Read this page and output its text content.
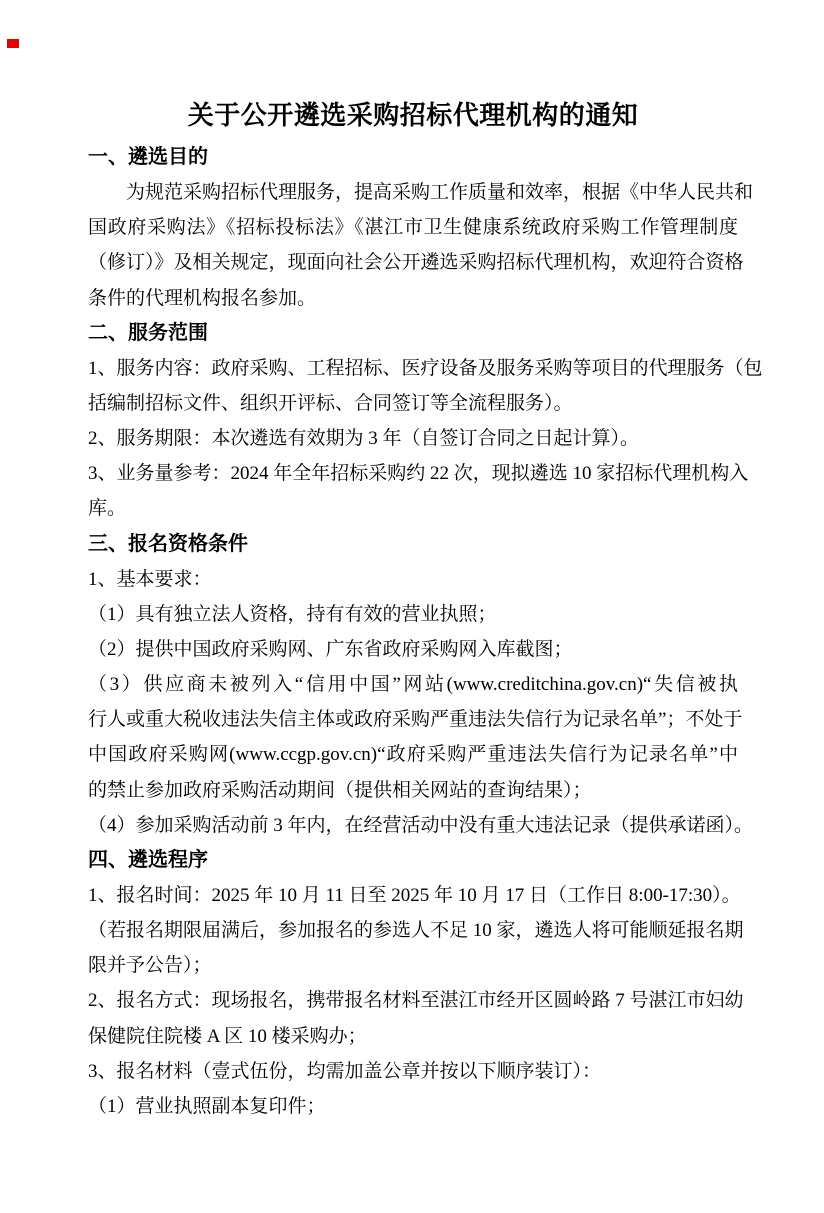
关于公开遴选采购招标代理机构的通知
一、遴选目的
为规范采购招标代理服务，提高采购工作质量和效率，根据《中华人民共和
国政府采购法》《招标投标法》《湛江市卫生健康系统政府采购工作管理制度
（修订）》及相关规定，现面向社会公开遴选采购招标代理机构，欢迎符合资格
条件的代理机构报名参加。
二、服务范围
1、服务内容：政府采购、工程招标、医疗设备及服务采购等项目的代理服务（包
括编制招标文件、组织开评标、合同签订等全流程服务）。
2、服务期限：本次遴选有效期为 3 年（自签订合同之日起计算）。
3、业务量参考：2024 年全年招标采购约 22 次，现拟遴选 10 家招标代理机构入
库。
三、报名资格条件
1、基本要求：
（1）具有独立法人资格，持有有效的营业执照；
（2）提供中国政府采购网、广东省政府采购网入库截图；
（3）供应商未被列入“信用中国”网站(www.creditchina.gov.cn)“失信被执
行人或重大税收违法失信主体或政府采购严重违法失信行为记录名单”；不处于
中国政府采购网(www.ccgp.gov.cn)“政府采购严重违法失信行为记录名单”中
的禁止参加政府采购活动期间（提供相关网站的查询结果）；
（4）参加采购活动前 3 年内，在经营活动中没有重大违法记录（提供承诺函）。
四、遴选程序
1、报名时间：2025 年 10 月 11 日至 2025 年 10 月 17 日（工作日 8:00-17:30）。
（若报名期限届满后，参加报名的参选人不足 10 家，遴选人将可能顺延报名期
限并予公告）；
2、报名方式：现场报名，携带报名材料至湛江市经开区圆岭路 7 号湛江市妇幼
保健院住院楼 A 区 10 楼采购办；
3、报名材料（壹式伍份，均需加盖公章并按以下顺序装订）：
（1）营业执照副本复印件；
